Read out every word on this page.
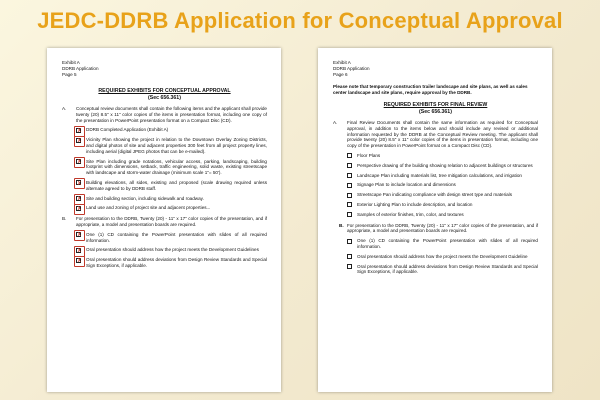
JEDC-DDRB Application for Conceptual Approval
Exhibit A
DDRB Application
Page 5
REQUIRED EXHIBITS FOR CONCEPTUAL APPROVAL
(Sec 656.361)
A.	Conceptual review documents shall contain the following items and the applicant shall provide twenty (20) 8.5" x 11" color copies of the items in presentation format, including one copy of the presentation in PowerPoint presentation format on a Compact Disc (CD).
X DDRB Completed Application (Exhibit A)
X Vicinity Plan showing the project in relation to the Downtown Overlay Zoning Districts, and digital photos of site and adjacent properties 300 feet from all project property lines, including aerial (digital JPEG photos that can be e-mailed).
X Site Plan including grade notations, vehicular access, parking, landscaping, building footprint with dimensions, setback, traffic engineering, solid waste, existing streetscape with landscape and storm-water drainage (minimum scale 1"= 50').
X Building elevations, all sides, existing and proposed (scale drawing required unless alternate agreed to by DDRB staff.
X Site and building section, including sidewalk and roadway.
X Land use and zoning of project site and adjacent properties...
B.	For presentation to the DDRB, Twenty (20) - 11" x 17" color copies of the presentation, and if appropriate, a model and presentation boards are required.
X One (1) CD containing the PowerPoint presentation with slides of all required information.
X Oral presentation should address how the project meets the Development Guidelines
X Oral presentation should address deviations from Design Review Standards and Special Sign Exceptions, if applicable.
Exhibit A
DDRB Application
Page 6
Please note that temporary construction trailer landscape and site plans, as well as sales center landscape and site plans, require approval by the DDRB.
REQUIRED EXHIBITS FOR FINAL REVIEW
(Sec 656.361)
A.	Final Review Documents shall contain the same information as required for Conceptual approval, in addition to the items below and should include any revised or additional information requested by the DDRB at the Conceptual Review meeting. The applicant shall provide twenty (20) 8.5" x 11" color copies of the items in presentation format, including one copy of the presentation in PowerPoint format on a Compact Disc (CD).
Floor Plans
Perspective drawing of the building showing relation to adjacent buildings or structures
Landscape Plan including materials list, tree mitigation calculations, and irrigation
Signage Plan to include location and dimensions
Streetscape Pan indicating compliance with design street type and materials
Exterior Lighting Plan to include description, and location
Samples of exterior finishes, trim, color, and textures
B. For presentation to the DDRB, Twenty (20) - 11" x 17" color copies of the presentation, and if appropriate, a model and presentation boards are required.
One (1) CD containing the PowerPoint presentation with slides of all required information.
Oral presentation should address how the project meets the Development Guideline
Oral presentation should address deviations from Design Review Standards and Special Sign Exceptions, if applicable.
